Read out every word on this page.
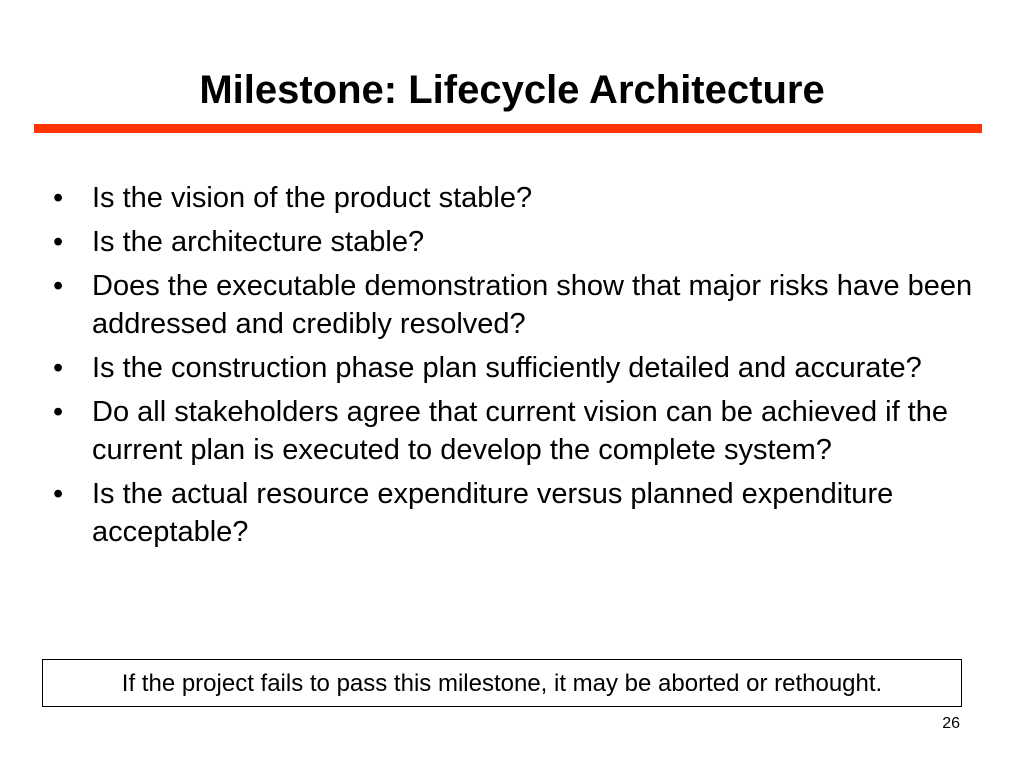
Milestone: Lifecycle Architecture
• Is the vision of the product stable?
• Is the architecture stable?
• Does the executable demonstration show that major risks have been addressed and credibly resolved?
• Is the construction phase plan sufficiently detailed and accurate?
• Do all stakeholders agree that current vision can be achieved if the current plan is executed to develop the complete system?
• Is the actual resource expenditure versus planned expenditure acceptable?
If the project fails to pass this milestone, it may be aborted or rethought.
26
